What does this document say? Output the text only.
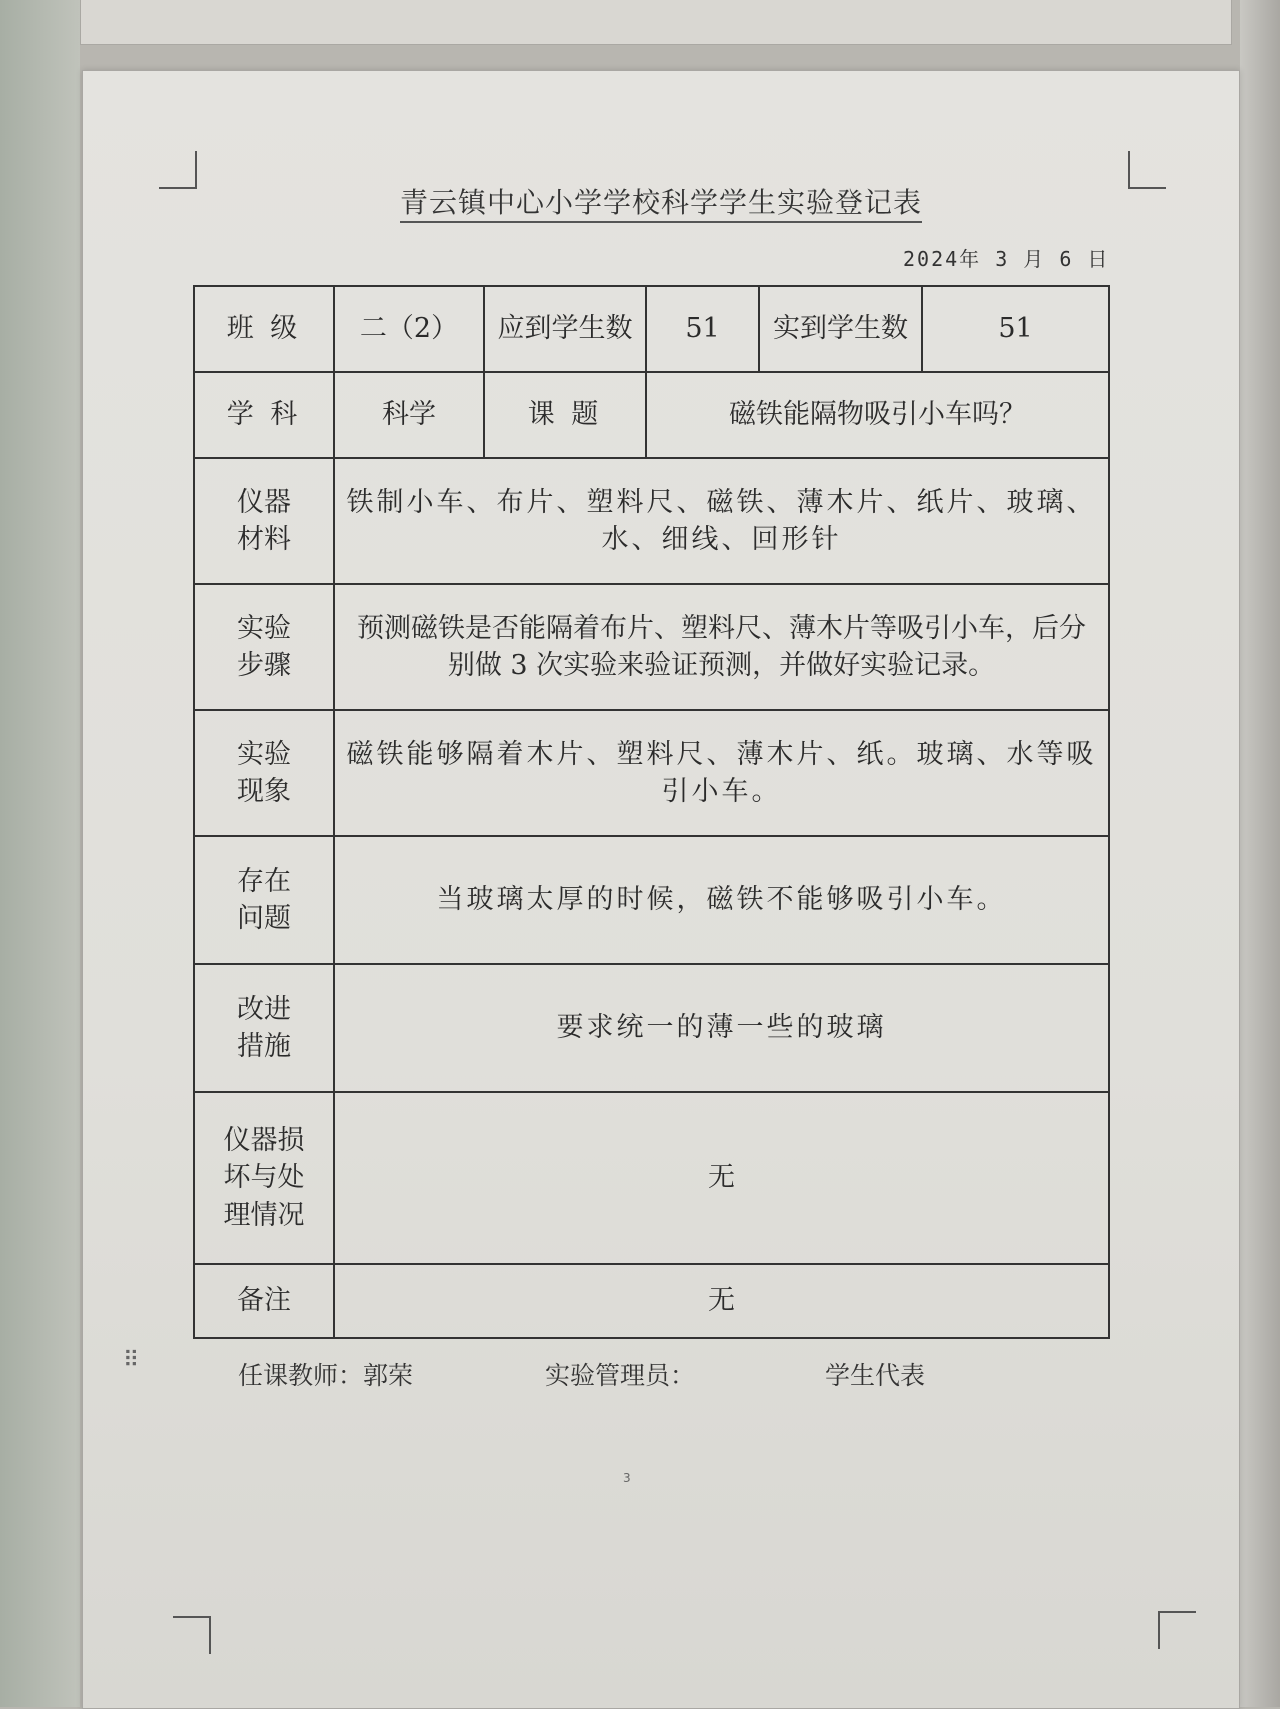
青云镇中心小学学校科学学生实验登记表
2024年 3 月 6 日
班 级	二（2）	应到学生数	51	实到学生数	51
学 科	科学	课 题	磁铁能隔物吸引小车吗？		

仪器
材料	铁制小车、布片、塑料尺、磁铁、薄木片、纸片、玻璃、水、细线、回形针				

实验
步骤	预测磁铁是否能隔着布片、塑料尺、薄木片等吸引小车，后分别做 3 次实验来验证预测，并做好实验记录。				

实验
现象	磁铁能够隔着木片、塑料尺、薄木片、纸。玻璃、水等吸引小车。				

存在
问题	当玻璃太厚的时候，磁铁不能够吸引小车。				

改进
措施	要求统一的薄一些的玻璃				

仪器损
坏与处
理情况	无				
备注	无				
⠿
任课教师：郭荣	实验管理员：	学生代表
3
